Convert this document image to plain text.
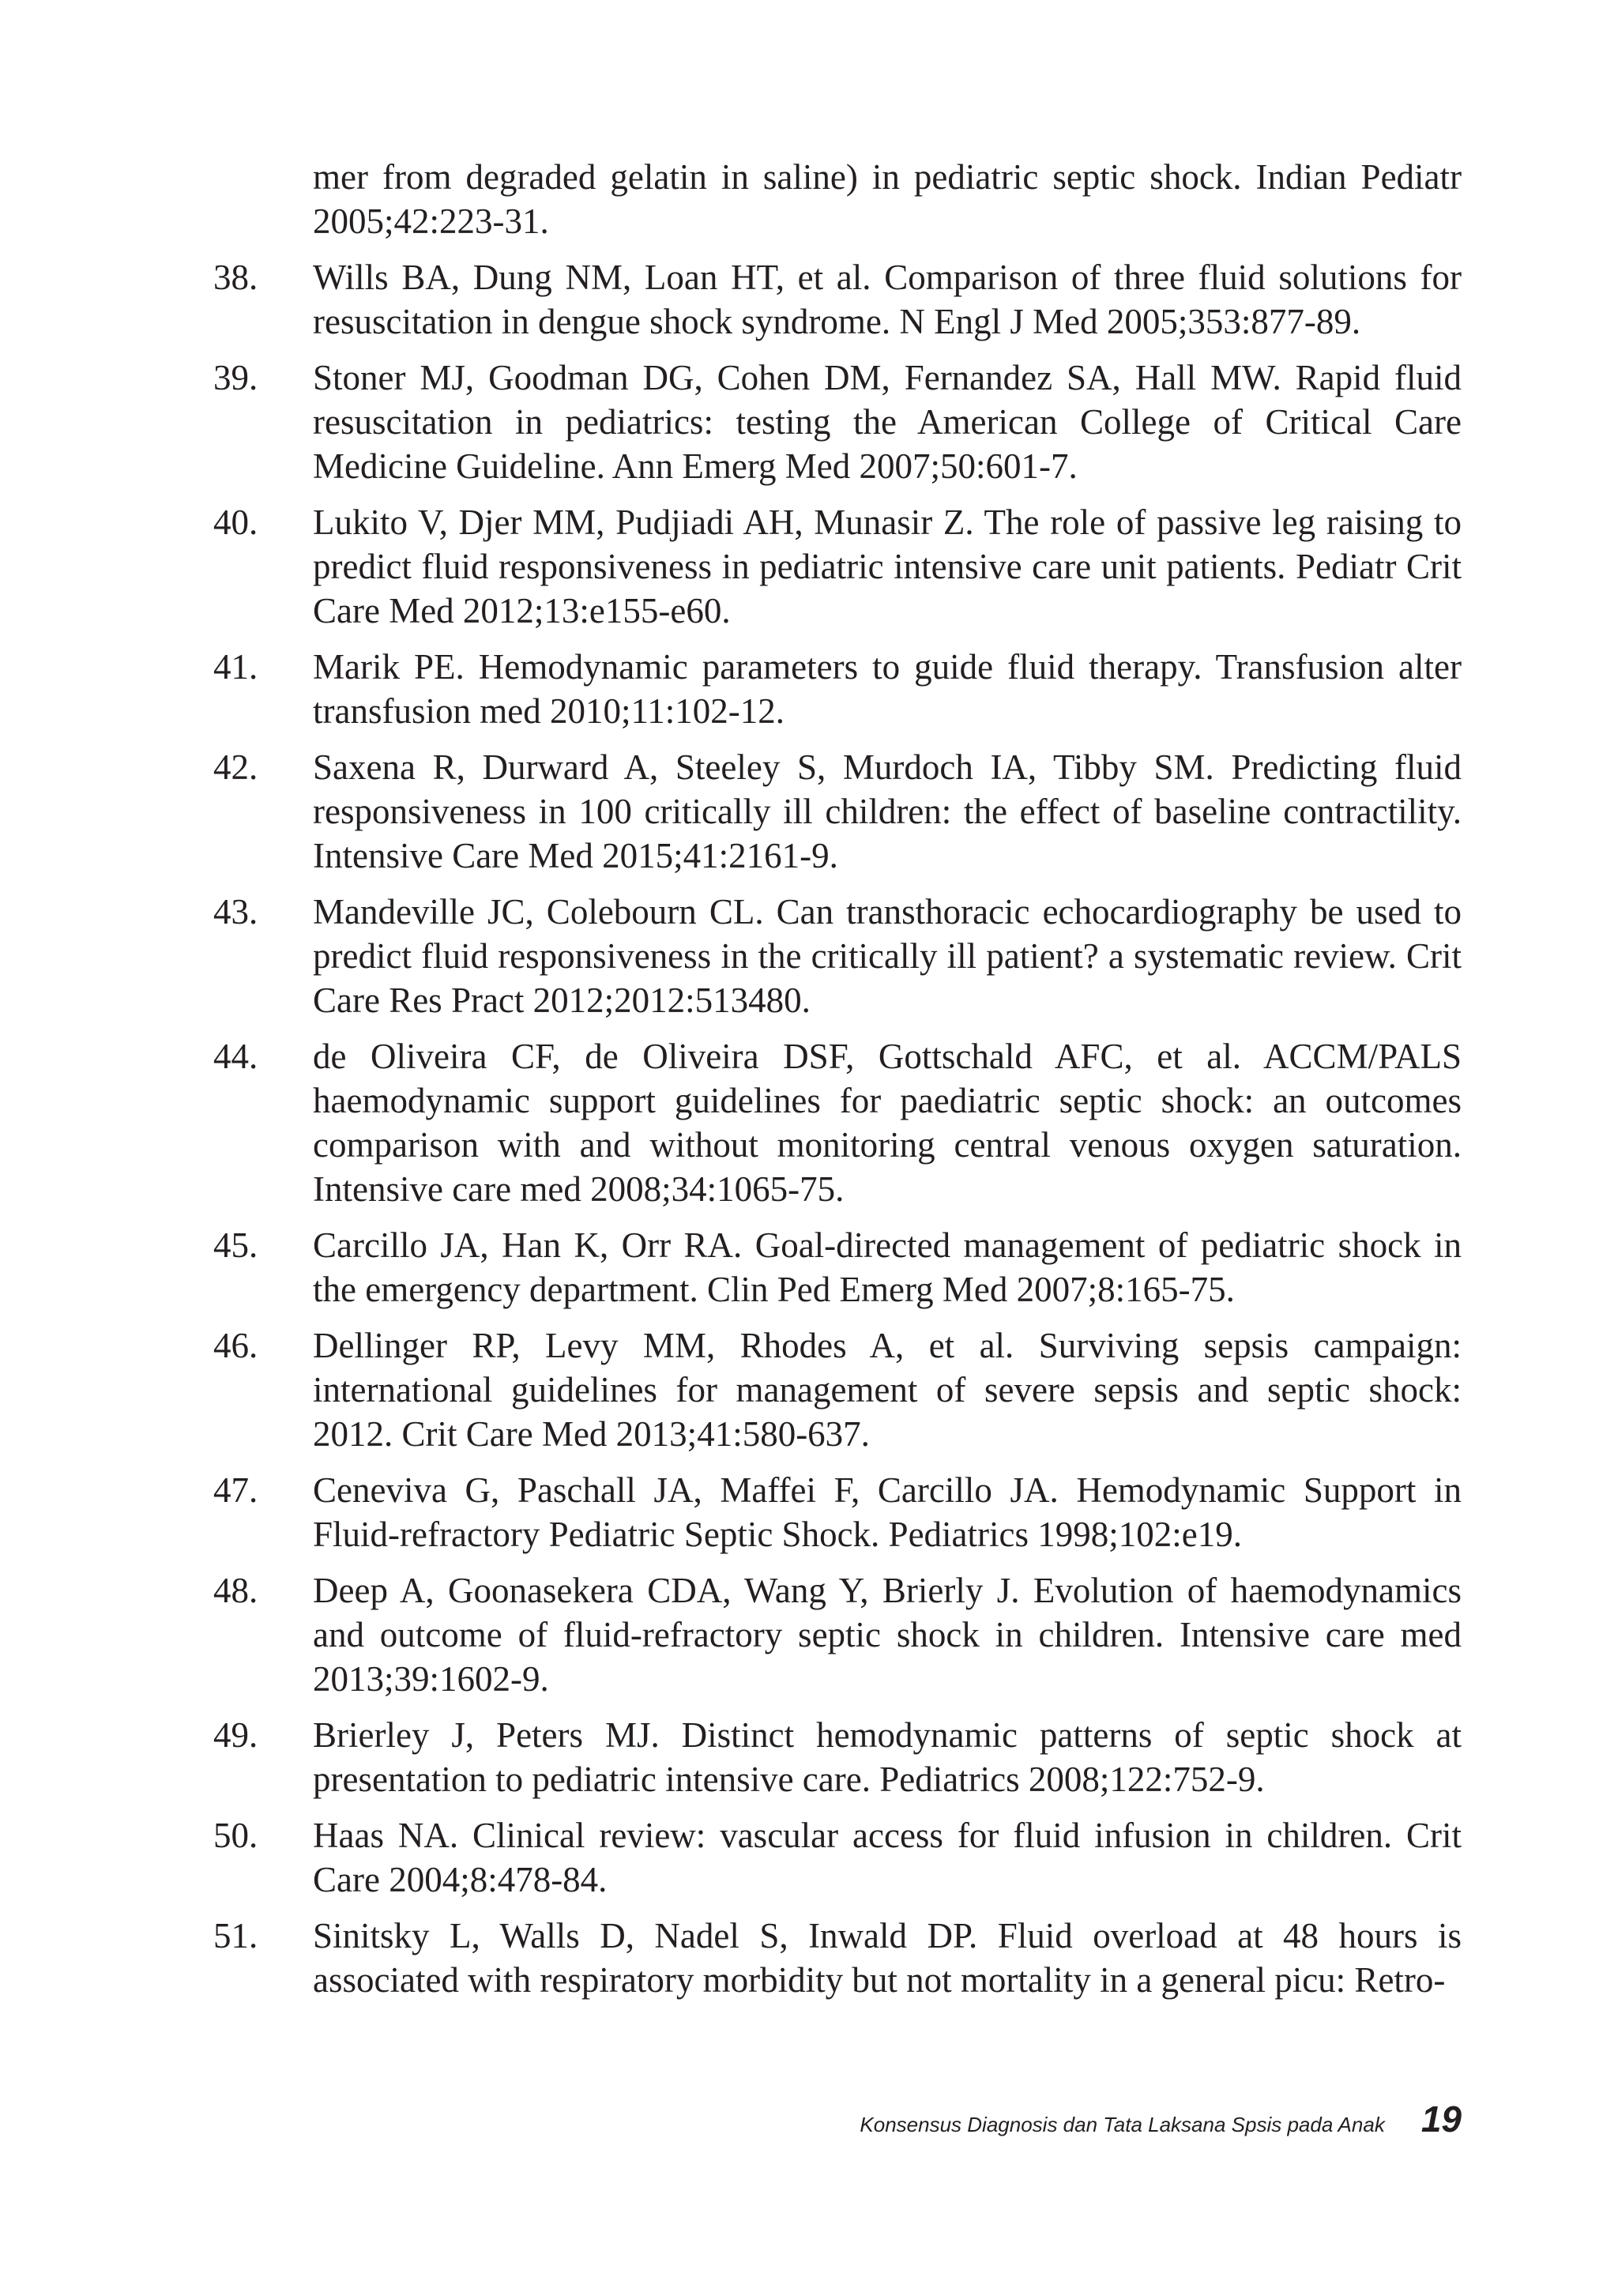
mer from degraded gelatin in saline) in pediatric septic shock. Indian Pediatr 2005;42:223-31.
38. Wills BA, Dung NM, Loan HT, et al. Comparison of three fluid solutions for resuscitation in dengue shock syndrome. N Engl J Med 2005;353:877-89.
39. Stoner MJ, Goodman DG, Cohen DM, Fernandez SA, Hall MW. Rapid fluid resuscitation in pediatrics: testing the American College of Critical Care Medicine Guideline. Ann Emerg Med 2007;50:601-7.
40. Lukito V, Djer MM, Pudjiadi AH, Munasir Z. The role of passive leg raising to predict fluid responsiveness in pediatric intensive care unit patients. Pediatr Crit Care Med 2012;13:e155-e60.
41. Marik PE. Hemodynamic parameters to guide fluid therapy. Transfusion alter transfusion med 2010;11:102-12.
42. Saxena R, Durward A, Steeley S, Murdoch IA, Tibby SM. Predicting fluid responsiveness in 100 critically ill children: the effect of baseline contractility. Intensive Care Med 2015;41:2161-9.
43. Mandeville JC, Colebourn CL. Can transthoracic echocardiography be used to predict fluid responsiveness in the critically ill patient? a systematic review. Crit Care Res Pract 2012;2012:513480.
44. de Oliveira CF, de Oliveira DSF, Gottschald AFC, et al. ACCM/PALS haemodynamic support guidelines for paediatric septic shock: an outcomes comparison with and without monitoring central venous oxygen saturation. Intensive care med 2008;34:1065-75.
45. Carcillo JA, Han K, Orr RA. Goal-directed management of pediatric shock in the emergency department. Clin Ped Emerg Med 2007;8:165-75.
46. Dellinger RP, Levy MM, Rhodes A, et al. Surviving sepsis campaign: international guidelines for management of severe sepsis and septic shock: 2012. Crit Care Med 2013;41:580-637.
47. Ceneviva G, Paschall JA, Maffei F, Carcillo JA. Hemodynamic Support in Fluid-refractory Pediatric Septic Shock. Pediatrics 1998;102:e19.
48. Deep A, Goonasekera CDA, Wang Y, Brierly J. Evolution of haemodynamics and outcome of fluid-refractory septic shock in children. Intensive care med 2013;39:1602-9.
49. Brierley J, Peters MJ. Distinct hemodynamic patterns of septic shock at presentation to pediatric intensive care. Pediatrics 2008;122:752-9.
50. Haas NA. Clinical review: vascular access for fluid infusion in children. Crit Care 2004;8:478-84.
51. Sinitsky L, Walls D, Nadel S, Inwald DP. Fluid overload at 48 hours is associated with respiratory morbidity but not mortality in a general picu: Retro-
Konsensus Diagnosis dan Tata Laksana Spsis pada Anak 19
